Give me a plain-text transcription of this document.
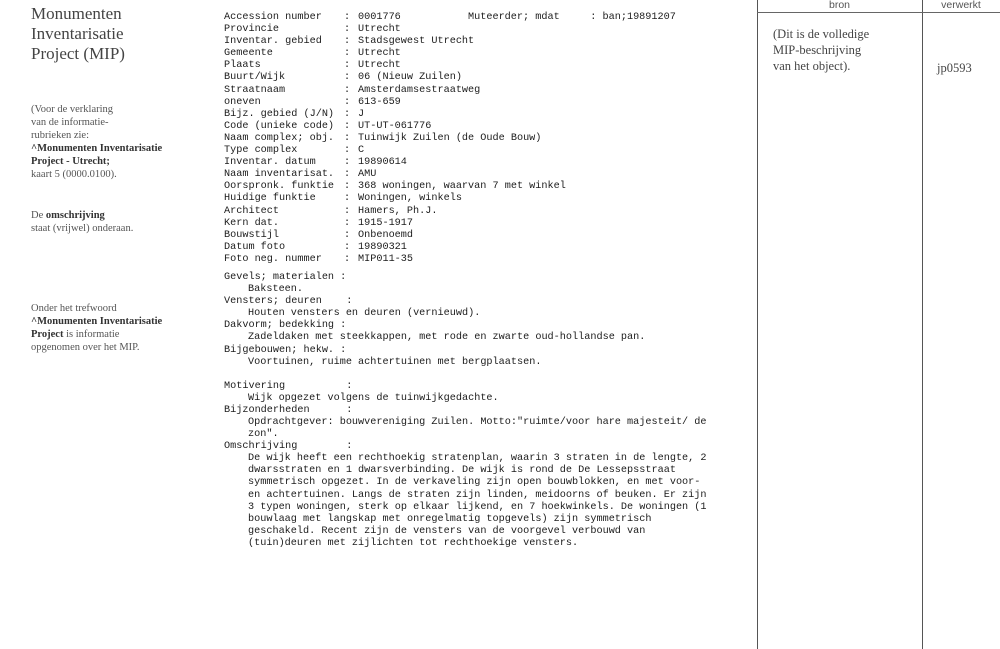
Monumenten
Inventarisatie
Project (MIP)
(Voor de verklaring
van de informatie-
rubrieken zie:
^Monumenten Inventarisatie
Project - Utrecht;
kaart 5 (0000.0100).
De omschrijving
staat (vrijwel) onderaan.
Onder het trefwoord
^Monumenten Inventarisatie
Project is informatie
opgenomen over het MIP.
Muteerder; mdat     : ban;19891207
Accession number	: 0001776
Provincie	: Utrecht
Inventar. gebied	: Stadsgewest Utrecht
Gemeente	: Utrecht
Plaats	: Utrecht
Buurt/Wijk	: 06 (Nieuw Zuilen)
Straatnaam	: Amsterdamsestraatweg
oneven	: 613-659
Bijz. gebied (J/N) : J
Code (unieke code) : UT-UT-061776
Naam complex; obj. : Tuinwijk Zuilen (de Oude Bouw)
Type complex	: C
Inventar. datum	: 19890614
Naam inventarisat. : AMU
Oorspronk. funktie : 368 woningen, waarvan 7 met winkel
Huidige funktie	: Woningen, winkels
Architect	: Hamers, Ph.J.
Kern dat.	: 1915-1917
Bouwstijl	: Onbenoemd
Datum foto	: 19890321
Foto neg. nummer	: MIP011-35
Gevels; materialen :
Baksteen.
Vensters; deuren    :
Houten vensters en deuren (vernieuwd).
Dakvorm; bedekking :
Zadeldaken met steekkappen, met rode en zwarte oud-hollandse pan.
Bijgebouwen; hekw. :
Voortuinen, ruime achtertuinen met bergplaatsen.
Motivering          :
Wijk opgezet volgens de tuinwijkgedachte.
Bijzonderheden      :
Opdrachtgever: bouwvereniging Zuilen. Motto:"ruimte/voor hare majesteit/ de
zon".
Omschrijving        :
De wijk heeft een rechthoekig stratenplan, waarin 3 straten in de lengte, 2
dwarsstraten en 1 dwarsverbinding. De wijk is rond de De Lessepsstraat
symmetrisch opgezet. In de verkaveling zijn open bouwblokken, en met voor-
en achtertuinen. Langs de straten zijn linden, meidoorns of beuken. Er zijn
3 typen woningen, sterk op elkaar lijkend, en 7 hoekwinkels. De woningen (1
bouwlaag met langskap met onregelmatig topgevels) zijn symmetrisch
geschakeld. Recent zijn de vensters van de voorgevel verbouwd van
(tuin)deuren met zijlichten tot rechthoekige vensters.
bron	verwerkt
(Dit is de volledige
MIP-beschrijving
van het object).	jp0593
